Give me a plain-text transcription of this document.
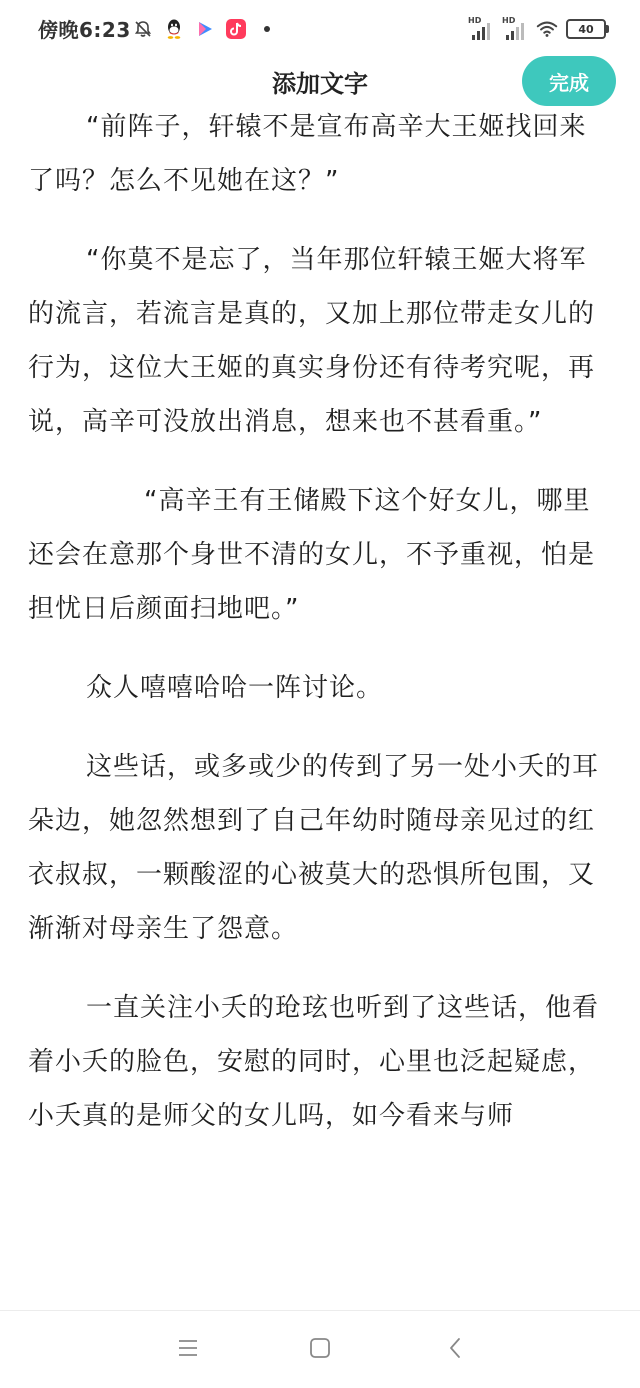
傍晚6:23	HD	HD
40
添加文字	完成

“前阵子，轩辕不是宣布高辛大王姬找回来了吗？怎么不见她在这？”

“你莫不是忘了，当年那位轩辕王姬大将军的流言，若流言是真的，又加上那位带走女儿的行为，这位大王姬的真实身份还有待考究呢，再说，高辛可没放出消息，想来也不甚看重。”

“高辛王有王储殿下这个好女儿，哪里还会在意那个身世不清的女儿，不予重视，怕是担忧日后颜面扫地吧。”

众人嘻嘻哈哈一阵讨论。

这些话，或多或少的传到了另一处小夭的耳朵边，她忽然想到了自己年幼时随母亲见过的红衣叔叔，一颗酸涩的心被莫大的恐惧所包围，又渐渐对母亲生了怨意。

一直关注小夭的玱玹也听到了这些话，他看着小夭的脸色，安慰的同时，心里也泛起疑虑，小夭真的是师父的女儿吗，如今看来与师
